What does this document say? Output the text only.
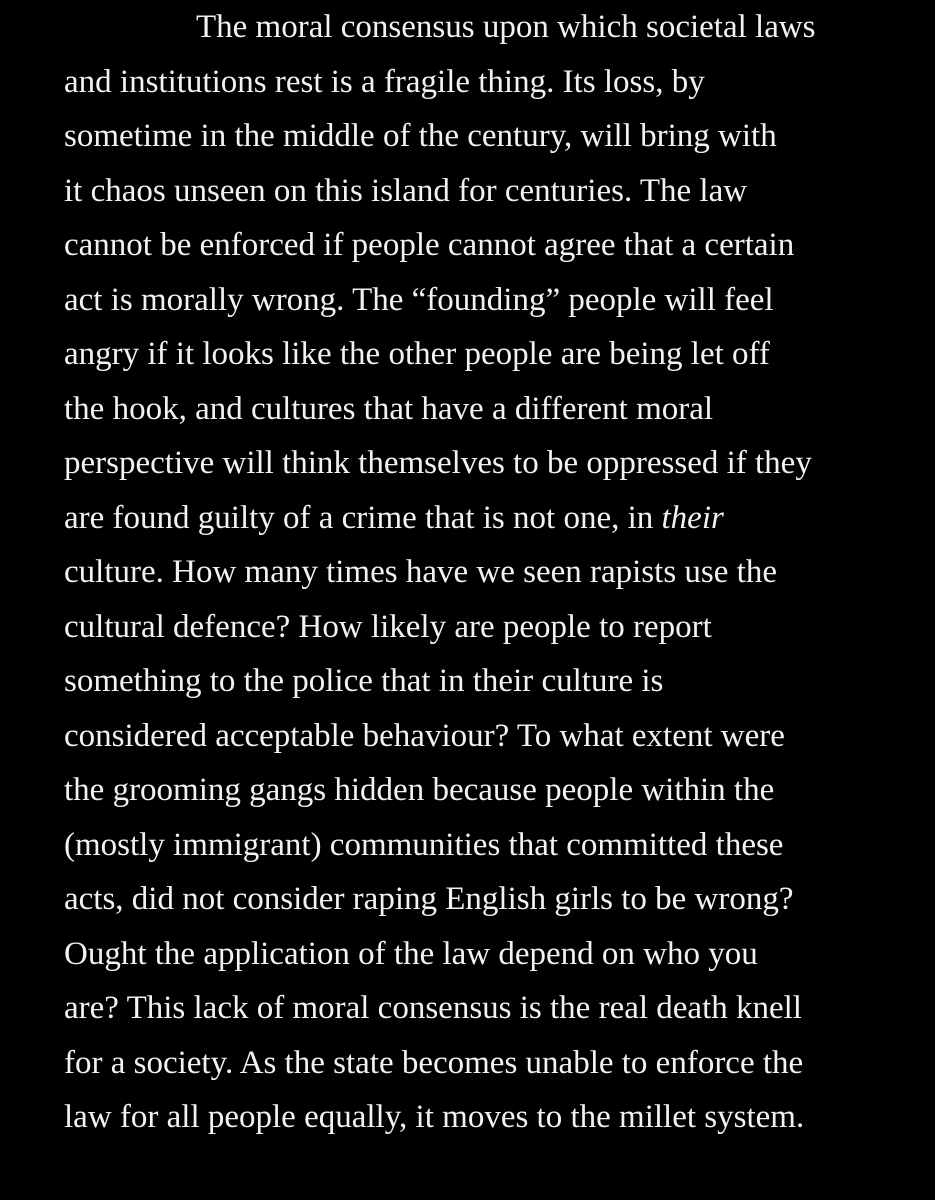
The moral consensus upon which societal laws
and institutions rest is a fragile thing. Its loss, by
sometime in the middle of the century, will bring with
it chaos unseen on this island for centuries. The law
cannot be enforced if people cannot agree that a certain
act is morally wrong. The “founding” people will feel
angry if it looks like the other people are being let off
the hook, and cultures that have a different moral
perspective will think themselves to be oppressed if they
are found guilty of a crime that is not one, in their
culture. How many times have we seen rapists use the
cultural defence? How likely are people to report
something to the police that in their culture is
considered acceptable behaviour? To what extent were
the grooming gangs hidden because people within the
(mostly immigrant) communities that committed these
acts, did not consider raping English girls to be wrong?
Ought the application of the law depend on who you
are? This lack of moral consensus is the real death knell
for a society. As the state becomes unable to enforce the
law for all people equally, it moves to the millet system.
